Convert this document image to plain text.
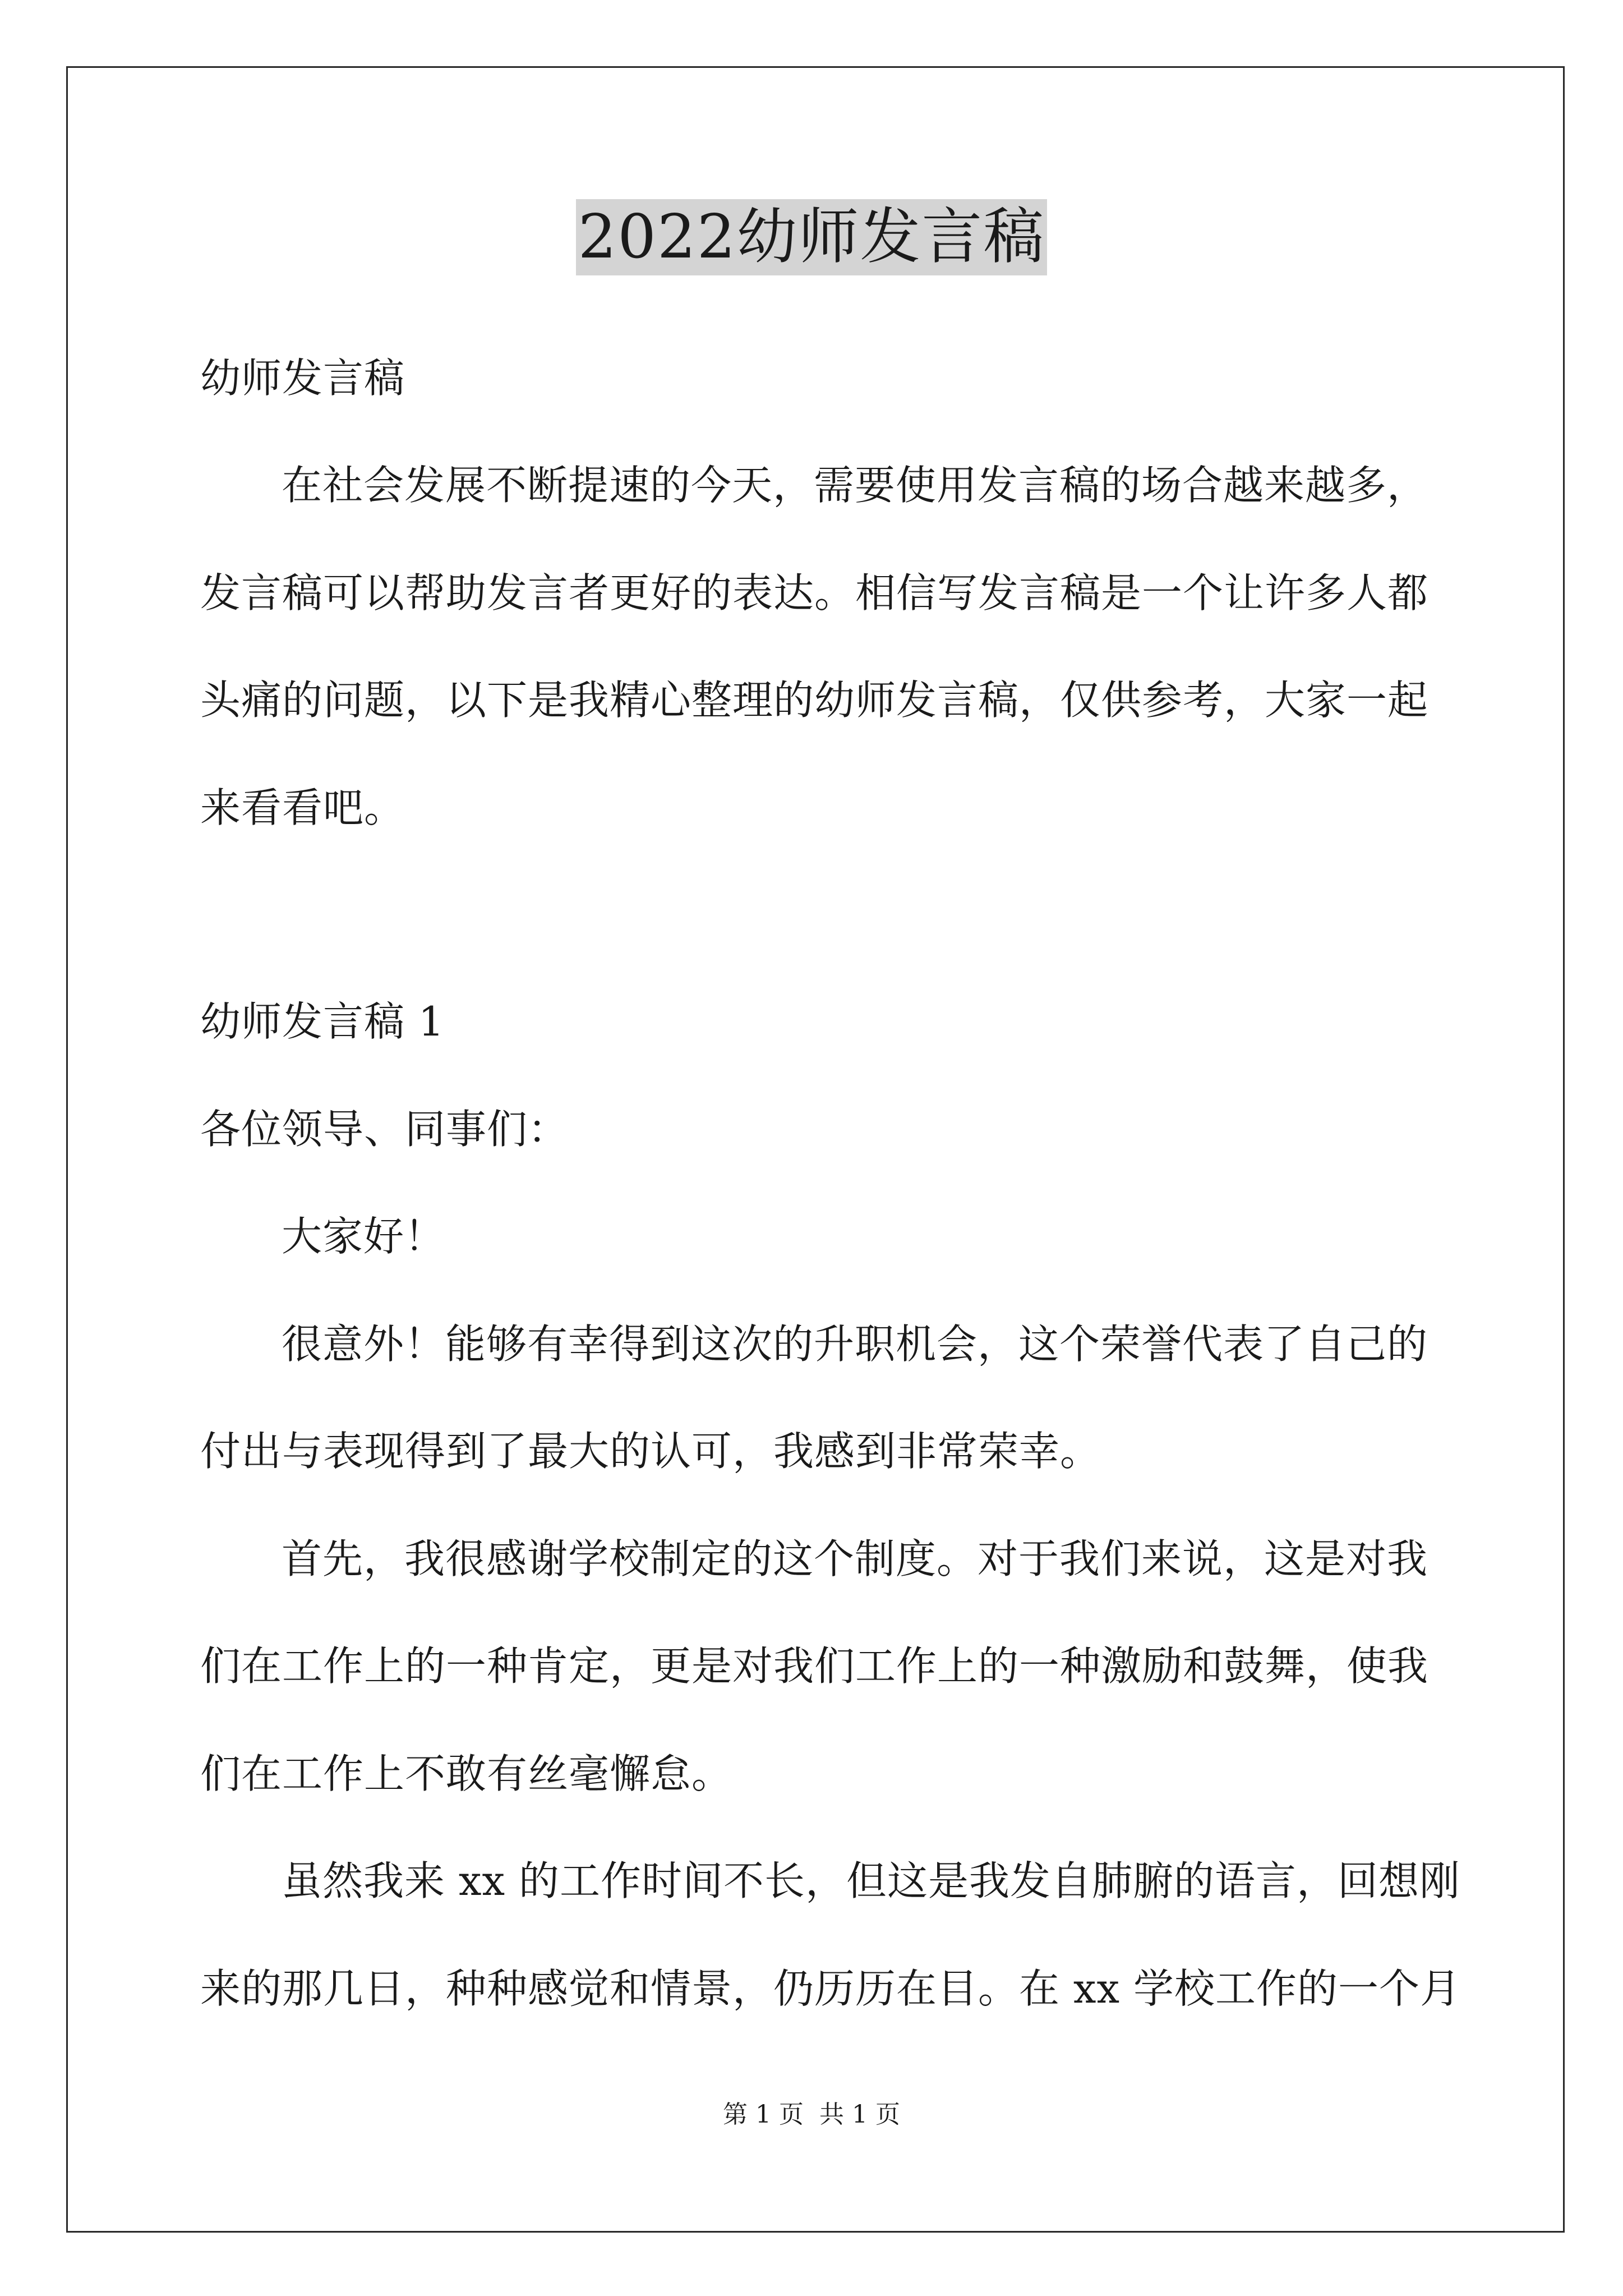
2022幼师发言稿
幼师发言稿
在社会发展不断提速的今天，需要使用发言稿的场合越来越多，
发言稿可以帮助发言者更好的表达。相信写发言稿是一个让许多人都
头痛的问题，以下是我精心整理的幼师发言稿，仅供参考，大家一起
来看看吧。
幼师发言稿 1
各位领导、同事们：
大家好！
很意外！能够有幸得到这次的升职机会，这个荣誉代表了自己的
付出与表现得到了最大的认可，我感到非常荣幸。
首先，我很感谢学校制定的这个制度。对于我们来说，这是对我
们在工作上的一种肯定，更是对我们工作上的一种激励和鼓舞，使我
们在工作上不敢有丝毫懈怠。
虽然我来 xx 的工作时间不长，但这是我发自肺腑的语言，回想刚
来的那几日，种种感觉和情景，仍历历在目。在 xx 学校工作的一个月
第 1 页 共 1 页
